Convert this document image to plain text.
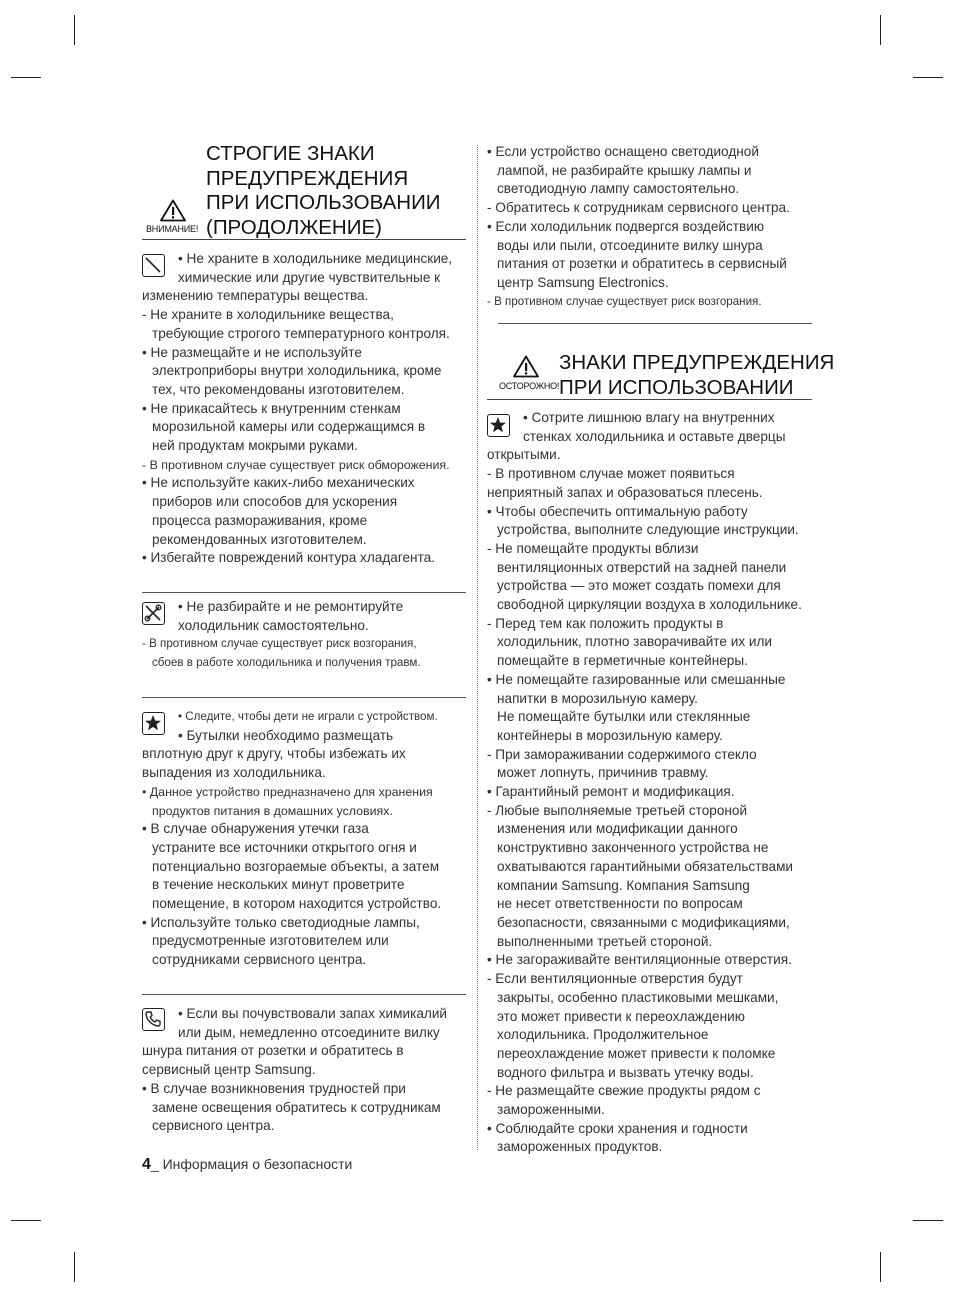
ВНИМАНИЕ!
СТРОГИЕ ЗНАКИ
ПРЕДУПРЕЖДЕНИЯ
ПРИ ИСПОЛЬЗОВАНИИ
(ПРОДОЛЖЕНИЕ)
• Не храните в холодильнике медицинские,
химические или другие чувствительные к
изменению температуры вещества.
- Не храните в холодильнике вещества,
требующие строгого температурного контроля.
• Не размещайте и не используйте
электроприборы внутри холодильника, кроме
тех, что рекомендованы изготовителем.
• Не прикасайтесь к внутренним стенкам
морозильной камеры или содержащимся в
ней продуктам мокрыми руками.
- В противном случае существует риск обморожения.
• Не используйте каких-либо механических
приборов или способов для ускорения
процесса размораживания, кроме
рекомендованных изготовителем.
• Избегайте повреждений контура хладагента.
• Не разбирайте и не ремонтируйте
холодильник самостоятельно.
- В противном случае существует риск возгорания,
сбоев в работе холодильника и получения травм.
• Следите, чтобы дети не играли с устройством.
• Бутылки необходимо размещать
вплотную друг к другу, чтобы избежать их
выпадения из холодильника.
• Данное устройство предназначено для хранения
продуктов питания в домашних условиях.
• В случае обнаружения утечки газа
устраните все источники открытого огня и
потенциально возгораемые объекты, а затем
в течение нескольких минут проветрите
помещение, в котором находится устройство.
• Используйте только светодиодные лампы,
предусмотренные изготовителем или
сотрудниками сервисного центра.
• Если вы почувствовали запах химикалий
или дым, немедленно отсоедините вилку
шнура питания от розетки и обратитесь в
сервисный центр Samsung.
• В случае возникновения трудностей при
замене освещения обратитесь к сотрудникам
сервисного центра.
4_ Информация о безопасности
• Если устройство оснащено светодиодной
лампой, не разбирайте крышку лампы и
светодиодную лампу самостоятельно.
- Обратитесь к сотрудникам сервисного центра.
• Если холодильник подвергся воздействию
воды или пыли, отсоедините вилку шнура
питания от розетки и обратитесь в сервисный
центр Samsung Electronics.
- В противном случае существует риск возгорания.
ОСТОРОЖНО!
ЗНАКИ ПРЕДУПРЕЖДЕНИЯ
ПРИ ИСПОЛЬЗОВАНИИ
• Сотрите лишнюю влагу на внутренних
стенках холодильника и оставьте дверцы
открытыми.
- В противном случае может появиться
неприятный запах и образоваться плесень.
• Чтобы обеспечить оптимальную работу
устройства, выполните следующие инструкции.
- Не помещайте продукты вблизи
вентиляционных отверстий на задней панели
устройства — это может создать помехи для
свободной циркуляции воздуха в холодильнике.
- Перед тем как положить продукты в
холодильник, плотно заворачивайте их или
помещайте в герметичные контейнеры.
• Не помещайте газированные или смешанные
напитки в морозильную камеру.
Не помещайте бутылки или стеклянные
контейнеры в морозильную камеру.
- При замораживании содержимого стекло
может лопнуть, причинив травму.
• Гарантийный ремонт и модификация.
- Любые выполняемые третьей стороной
изменения или модификации данного
конструктивно законченного устройства не
охватываются гарантийными обязательствами
компании Samsung. Компания Samsung
не несет ответственности по вопросам
безопасности, связанными с модификациями,
выполненными третьей стороной.
• Не загораживайте вентиляционные отверстия.
- Если вентиляционные отверстия будут
закрыты, особенно пластиковыми мешками,
это может привести к переохлаждению
холодильника. Продолжительное
переохлаждение может привести к поломке
водного фильтра и вызвать утечку воды.
- Не размещайте свежие продукты рядом с
замороженными.
• Соблюдайте сроки хранения и годности
замороженных продуктов.
